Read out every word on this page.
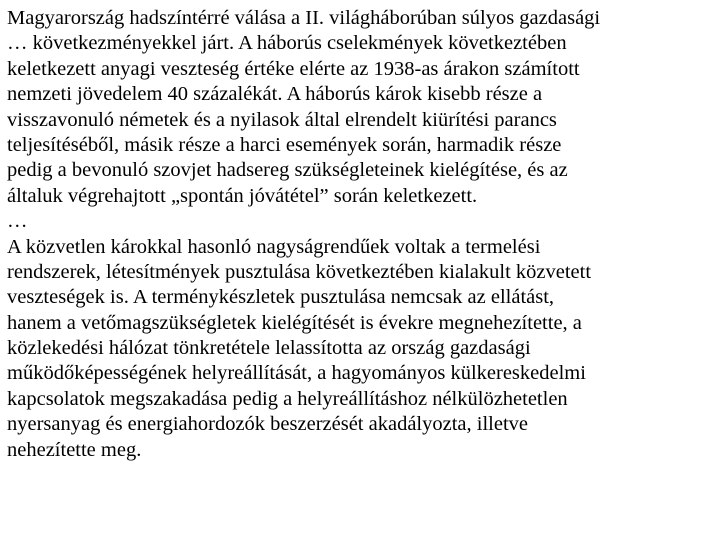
Magyarország hadszíntérré válása a II. világháborúban súlyos gazdasági
… következményekkel járt. A háborús cselekmények következtében
keletkezett anyagi veszteség értéke elérte az 1938-as árakon számított
nemzeti jövedelem 40 százalékát. A háborús károk kisebb része a
visszavonuló németek és a nyilasok által elrendelt kiürítési parancs
teljesítéséből, másik része a harci események során, harmadik része
pedig a bevonuló szovjet hadsereg szükségleteinek kielégítése, és az
általuk végrehajtott „spontán jóvátétel” során keletkezett.
…
A közvetlen károkkal hasonló nagyságrendűek voltak a termelési
rendszerek, létesítmények pusztulása következtében kialakult közvetett
veszteségek is. A terménykészletek pusztulása nemcsak az ellátást,
hanem a vetőmagszükségletek kielégítését is évekre megnehezítette, a
közlekedési hálózat tönkretétele lelassította az ország gazdasági
működőképességének helyreállítását, a hagyományos külkereskedelmi
kapcsolatok megszakadása pedig a helyreállításhoz nélkülözhetetlen
nyersanyag és energiahordozók beszerzését akadályozta, illetve
nehezítette meg.
